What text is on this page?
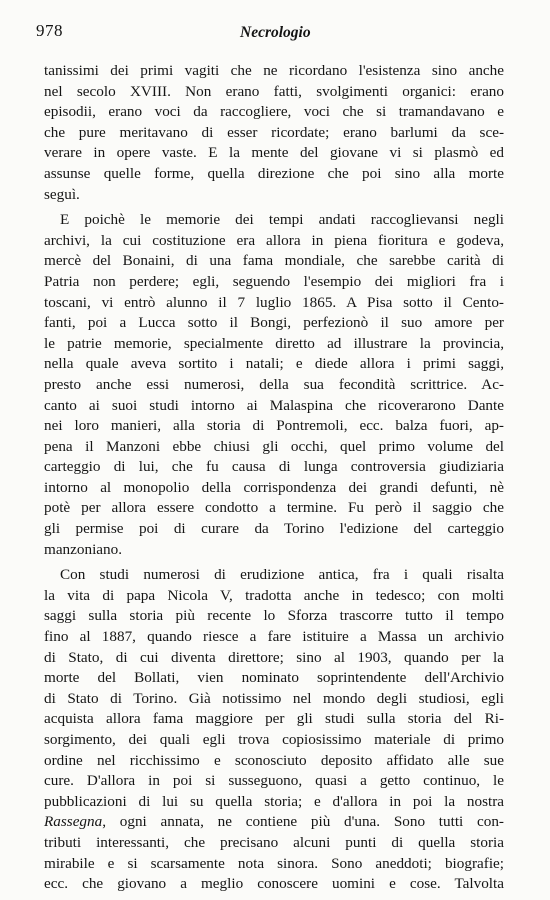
978	Necrologio

tanissimi dei primi vagiti che ne ricordano l'esistenza sino anche
nel secolo XVIII. Non erano fatti, svolgimenti organici: erano
episodii, erano voci da raccogliere, voci che si tramandavano e
che pure meritavano di esser ricordate; erano barlumi da sce-
verare in opere vaste. E la mente del giovane vi si plasmò ed
assunse quelle forme, quella direzione che poi sino alla morte
seguì.

E poichè le memorie dei tempi andati raccoglievansi negli
archivi, la cui costituzione era allora in piena fioritura e godeva,
mercè del Bonaini, di una fama mondiale, che sarebbe carità di
Patria non perdere; egli, seguendo l'esempio dei migliori fra i
toscani, vi entrò alunno il 7 luglio 1865. A Pisa sotto il Cento-
fanti, poi a Lucca sotto il Bongi, perfezionò il suo amore per
le patrie memorie, specialmente diretto ad illustrare la provincia,
nella quale aveva sortito i natali; e diede allora i primi saggi,
presto anche essi numerosi, della sua fecondità scrittrice. Ac-
canto ai suoi studi intorno ai Malaspina che ricoverarono Dante
nei loro manieri, alla storia di Pontremoli, ecc. balza fuori, ap-
pena il Manzoni ebbe chiusi gli occhi, quel primo volume del
carteggio di lui, che fu causa di lunga controversia giudiziaria
intorno al monopolio della corrispondenza dei grandi defunti, nè
potè per allora essere condotto a termine. Fu però il saggio che
gli permise poi di curare da Torino l'edizione del carteggio
manzoniano.

Con studi numerosi di erudizione antica, fra i quali risalta
la vita di papa Nicola V, tradotta anche in tedesco; con molti
saggi sulla storia più recente lo Sforza trascorre tutto il tempo
fino al 1887, quando riesce a fare istituire a Massa un archivio
di Stato, di cui diventa direttore; sino al 1903, quando per la
morte del Bollati, vien nominato soprintendente dell'Archivio
di Stato di Torino. Già notissimo nel mondo degli studiosi, egli
acquista allora fama maggiore per gli studi sulla storia del Ri-
sorgimento, dei quali egli trova copiosissimo materiale di primo
ordine nel ricchissimo e sconosciuto deposito affidato alle sue
cure. D'allora in poi si susseguono, quasi a getto continuo, le
pubblicazioni di lui su quella storia; e d'allora in poi la nostra
Rassegna, ogni annata, ne contiene più d'una. Sono tutti con-
tributi interessanti, che precisano alcuni punti di quella storia
mirabile e si scarsamente nota sinora. Sono aneddoti; biografie;
ecc. che giovano a meglio conoscere uomini e cose. Talvolta
